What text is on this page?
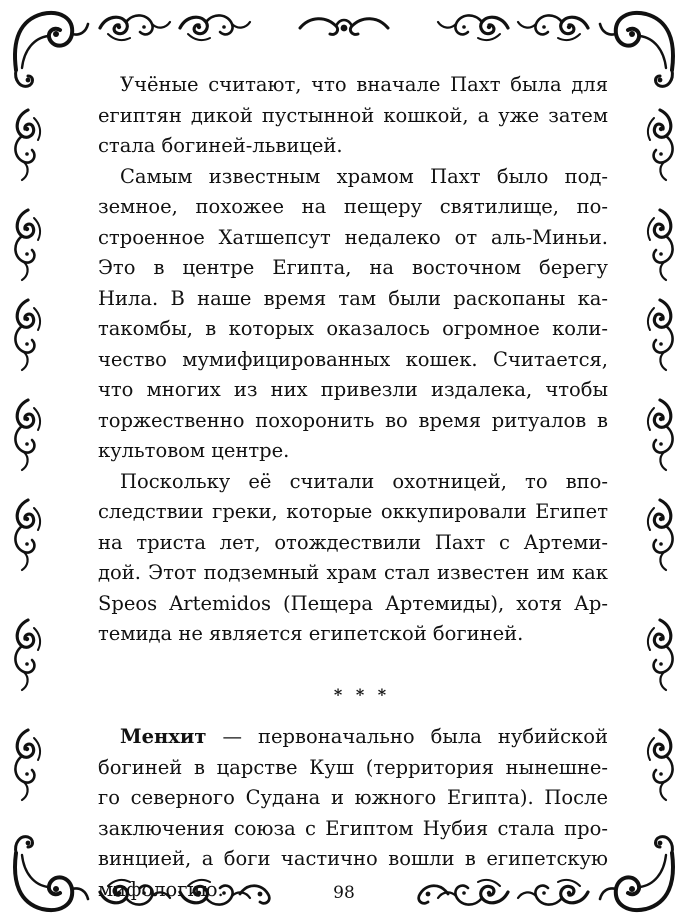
Учёные считают, что вначале Пахт была для
египтян дикой пустынной кошкой, а уже затем
стала богиней-львицей.
Самым известным храмом Пахт было под-
земное, похожее на пещеру святилище, по-
строенное Хатшепсут недалеко от аль-Миньи.
Это в центре Египта, на восточном берегу
Нила. В наше время там были раскопаны ка-
такомбы, в которых оказалось огромное коли-
чество мумифицированных кошек. Считается,
что многих из них привезли издалека, чтобы
торжественно похоронить во время ритуалов в
культовом центре.
Поскольку её считали охотницей, то впо-
следствии греки, которые оккупировали Египет
на триста лет, отождествили Пахт с Артеми-
дой. Этот подземный храм стал известен им как
Speos Artemidos (Пещера Артемиды), хотя Ар-
темида не является египетской богиней.
* * *
Менхит — первоначально была нубийской
богиней в царстве Куш (территория нынешне-
го северного Судана и южного Египта). После
заключения союза с Египтом Нубия стала про-
винцией, а боги частично вошли в египетскую
мифологию.	98
